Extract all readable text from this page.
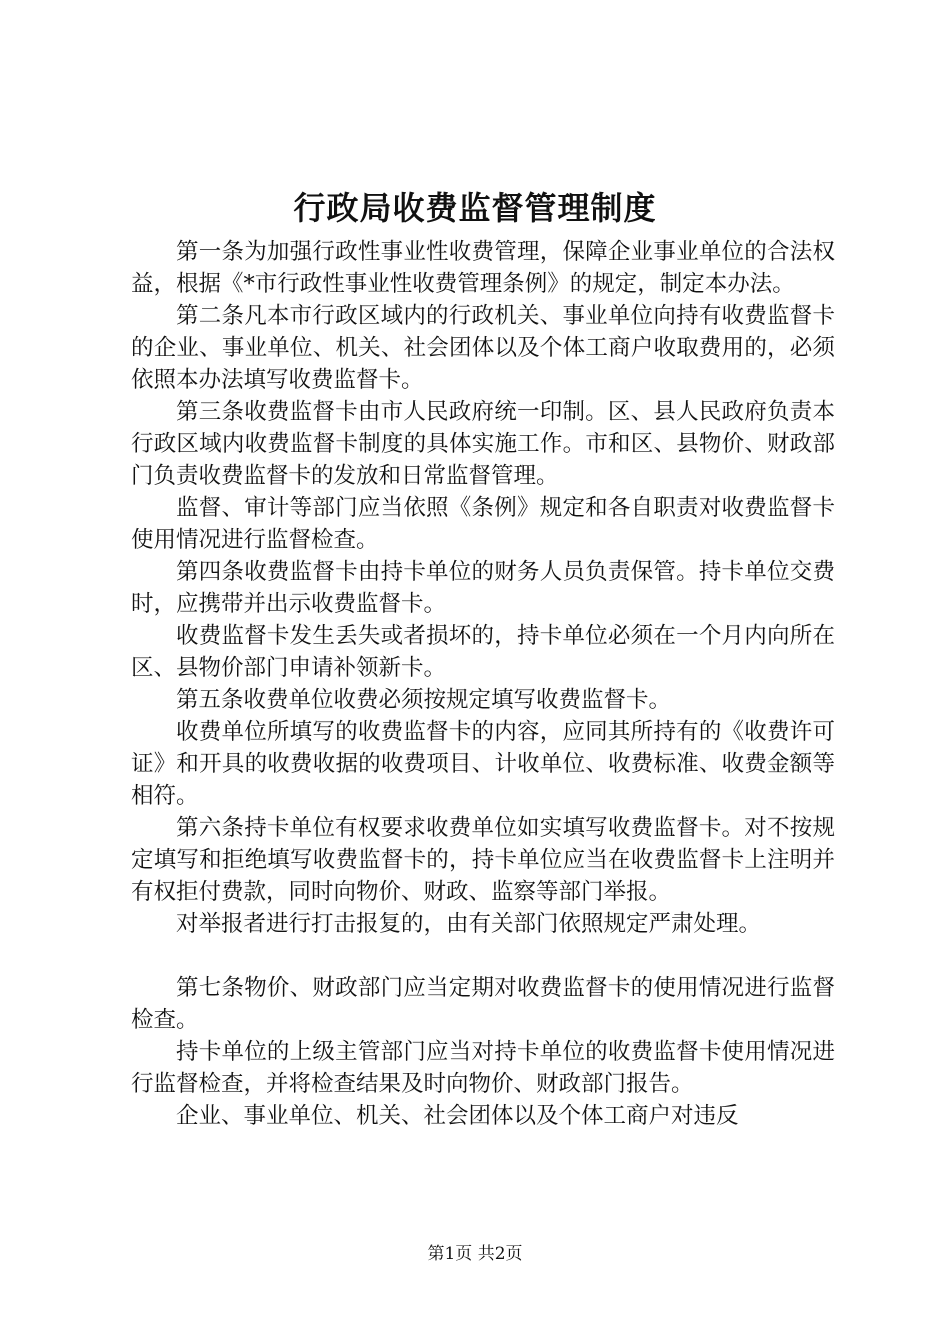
行政局收费监督管理制度

第一条为加强行政性事业性收费管理，保障企业事业单位的合法权益，根据《*市行政性事业性收费管理条例》的规定，制定本办法。

第二条凡本市行政区域内的行政机关、事业单位向持有收费监督卡的企业、事业单位、机关、社会团体以及个体工商户收取费用的，必须依照本办法填写收费监督卡。

第三条收费监督卡由市人民政府统一印制。区、县人民政府负责本行政区域内收费监督卡制度的具体实施工作。市和区、县物价、财政部门负责收费监督卡的发放和日常监督管理。

监督、审计等部门应当依照《条例》规定和各自职责对收费监督卡使用情况进行监督检查。

第四条收费监督卡由持卡单位的财务人员负责保管。持卡单位交费时，应携带并出示收费监督卡。

收费监督卡发生丢失或者损坏的，持卡单位必须在一个月内向所在区、县物价部门申请补领新卡。

第五条收费单位收费必须按规定填写收费监督卡。

收费单位所填写的收费监督卡的内容，应同其所持有的《收费许可证》和开具的收费收据的收费项目、计收单位、收费标准、收费金额等相符。

第六条持卡单位有权要求收费单位如实填写收费监督卡。对不按规定填写和拒绝填写收费监督卡的，持卡单位应当在收费监督卡上注明并有权拒付费款，同时向物价、财政、监察等部门举报。

对举报者进行打击报复的，由有关部门依照规定严肃处理。

第七条物价、财政部门应当定期对收费监督卡的使用情况进行监督检查。

持卡单位的上级主管部门应当对持卡单位的收费监督卡使用情况进行监督检查，并将检查结果及时向物价、财政部门报告。

企业、事业单位、机关、社会团体以及个体工商户对违反

第1页 共2页
